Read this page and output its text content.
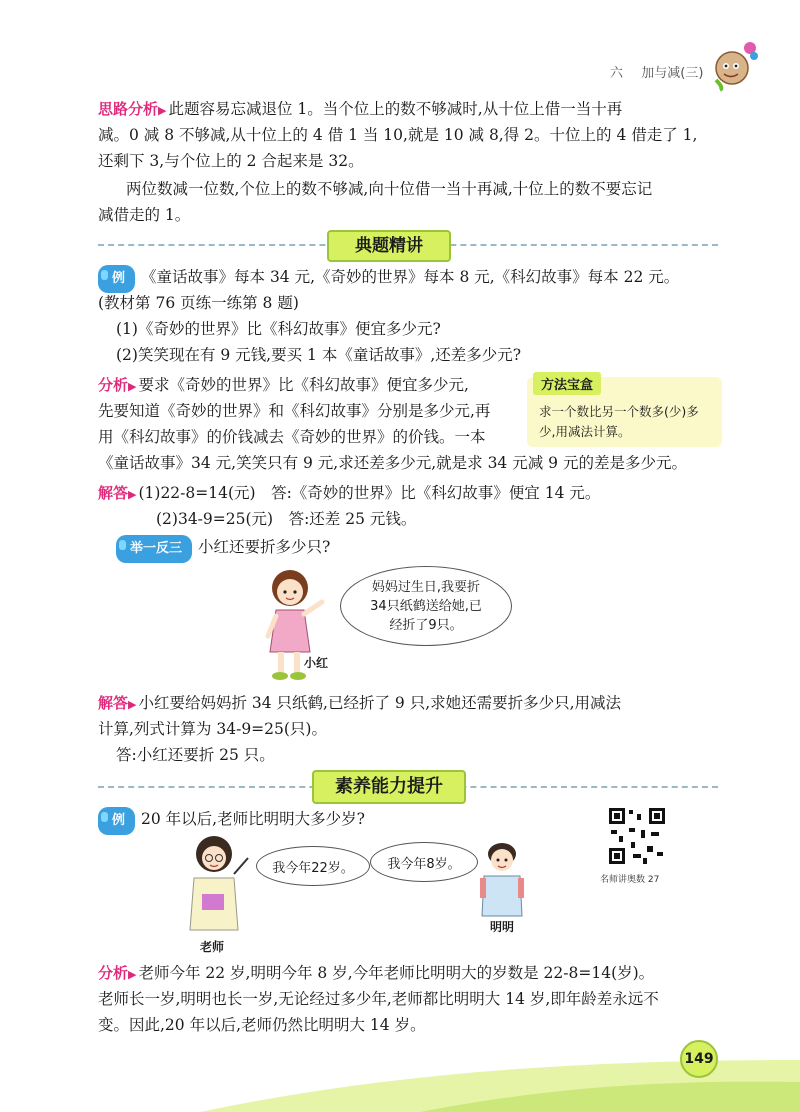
六 加与减(三)

思路分析▶ 此题容易忘减退位 1。当个位上的数不够减时,从十位上借一当十再

减。0 减 8 不够减,从十位上的 4 借 1 当 10,就是 10 减 8,得 2。十位上的 4 借走了 1,

还剩下 3,与个位上的 2 合起来是 32。

两位数减一位数,个位上的数不够减,向十位借一当十再减,十位上的数不要忘记

减借走的 1。

典题精讲

例 《童话故事》每本 34 元,《奇妙的世界》每本 8 元,《科幻故事》每本 22 元。

(教材第 76 页练一练第 8 题)

(1)《奇妙的世界》比《科幻故事》便宜多少元?

(2)笑笑现在有 9 元钱,要买 1 本《童话故事》,还差多少元?

分析▶ 要求《奇妙的世界》比《科幻故事》便宜多少元,

先要知道《奇妙的世界》和《科幻故事》分别是多少元,再

用《科幻故事》的价钱减去《奇妙的世界》的价钱。一本

《童话故事》34 元,笑笑只有 9 元,求还差多少元,就是求 34 元减 9 元的差是多少元。

方法宝盒
求一个数比另一个数多(少)多少,用减法计算。

解答▶ (1)22-8=14(元)　答:《奇妙的世界》比《科幻故事》便宜 14 元。

(2)34-9=25(元)　答:还差 25 元钱。

举一反三 小红还要折多少只?

小红
妈妈过生日,我要折34只纸鹤送给她,已经折了9只。

解答▶ 小红要给妈妈折 34 只纸鹤,已经折了 9 只,求她还需要折多少只,用减法

计算,列式计算为 34-9=25(只)。

答:小红还要折 25 只。

素养能力提升

例 20 年以后,老师比明明大多少岁?

名师讲奥数 27
老师
我今年22岁。	我今年8岁。
明明

分析▶ 老师今年 22 岁,明明今年 8 岁,今年老师比明明大的岁数是 22-8=14(岁)。

老师长一岁,明明也长一岁,无论经过多少年,老师都比明明大 14 岁,即年龄差永远不

变。因此,20 年以后,老师仍然比明明大 14 岁。

149
